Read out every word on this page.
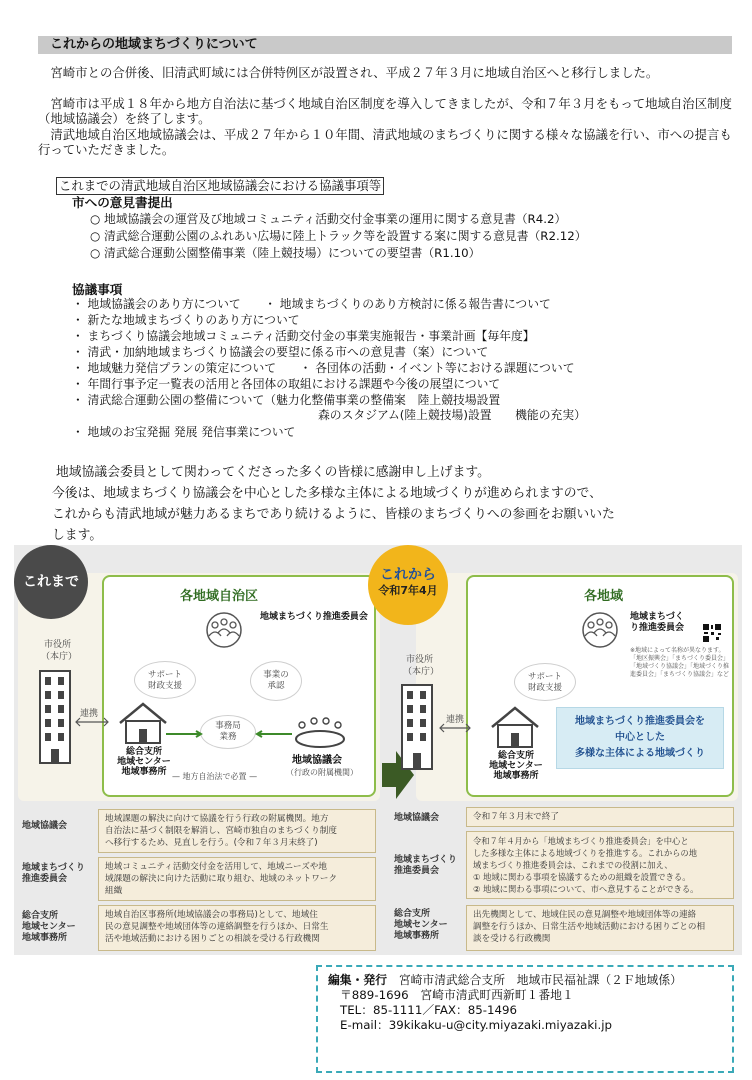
これからの地域まちづくりについて

宮崎市との合併後、旧清武町域には合併特例区が設置され、平成２７年３月に地域自治区へと移行しました。

宮崎市は平成１８年から地方自治法に基づく地域自治区制度を導入してきましたが、令和７年３月をもって地域自治区制度（地域協議会）を終了します。

清武地域自治区地域協議会は、平成２７年から１０年間、清武地域のまちづくりに関する様々な協議を行い、市への提言も行っていただきました。

これまでの清武地域自治区地域協議会における協議事項等
市への意見書提出
○ 地域協議会の運営及び地域コミュニティ活動交付金事業の運用に関する意見書（R4.2）
○ 清武総合運動公園のふれあい広場に陸上トラック等を設置する案に関する意見書（R2.12）
○ 清武総合運動公園整備事業（陸上競技場）についての要望書（R1.10）
協議事項
・ 地域協議会のあり方について　　・ 地域まちづくりのあり方検討に係る報告書について
・ 新たな地域まちづくりのあり方について
・ まちづくり協議会地域コミュニティ活動交付金の事業実施報告・事業計画【毎年度】
・ 清武・加納地域まちづくり協議会の要望に係る市への意見書（案）について
・ 地域魅力発信プランの策定について　　・ 各団体の活動・イベント等における課題について
・ 年間行事予定一覧表の活用と各団体の取組における課題や今後の展望について
・ 清武総合運動公園の整備について（魅力化整備事業の整備案　陸上競技場設置
森のスタジアム(陸上競技場)設置　　機能の充実）
・ 地域のお宝発掘 発展 発信事業について
地域協議会委員として関わってくださった多くの皆様に感謝申し上げます。
今後は、地域まちづくり協議会を中心とした多様な主体による地域づくりが進められますので、
これからも清武地域が魅力あるまちであり続けるように、皆様のまちづくりへの参画をお願いいた
します。
これまで
各地域自治区
地域まちづくり推進委員会
市役所
（本庁）
連携
サポート
財政支援
事業の
承認
事務局
業務
総合支所
地域センター
地域事務所
地域協議会
（行政の附属機関）
— 地方自治法で必置 —
これから
令和7年4月	各地域
地域まちづくり推進委員会
※地域によって名称が異なります。
「地区振興会」「まちづくり委員会」
「地域づくり協議会」「地域づくり推
進委員会」「まちづくり協議会」など
市役所
（本庁）
連携
サポート
財政支援
総合支所
地域センター
地域事務所
地域まちづくり推進委員会を
中心とした
多様な主体による地域づくり
地域協議会
地域課題の解決に向けて協議を行う行政の附属機関。地方
自治法に基づく制限を解消し、宮崎市独自のまちづくり制度
へ移行するため、見直しを行う。(令和７年３月末終了)
地域協議会	令和７年３月末で終了
地域まちづくり
推進委員会
地域コミュニティ活動交付金を活用して、地域ニーズや地
域課題の解決に向けた活動に取り組む、地域のネットワーク
組織
地域まちづくり
推進委員会
令和７年４月から「地域まちづくり推進委員会」を中心と
した多様な主体による地域づくりを推進する。これからの地
域まちづくり推進委員会は、これまでの役割に加え、
① 地域に関わる事項を協議するための組織を設置できる。
② 地域に関わる事項について、市へ意見することができる。
総合支所
地域センター
地域事務所
地域自治区事務所(地域協議会の事務局)として、地域住
民の意見調整や地域団体等の連絡調整を行うほか、日常生
活や地域活動における困りごとの相談を受ける行政機関
総合支所
地域センター
地域事務所
出先機関として、地域住民の意見調整や地域団体等の連絡
調整を行うほか、日常生活や地域活動における困りごとの相
談を受ける行政機関
編集・発行　 宮崎市清武総合支所　地域市民福祉課（２Ｆ地域係）
〒889-1696　宮崎市清武町西新町１番地１
TEL：85-1111／FAX：85-1496
E-mail：39kikaku-u@city.miyazaki.miyazaki.jp
